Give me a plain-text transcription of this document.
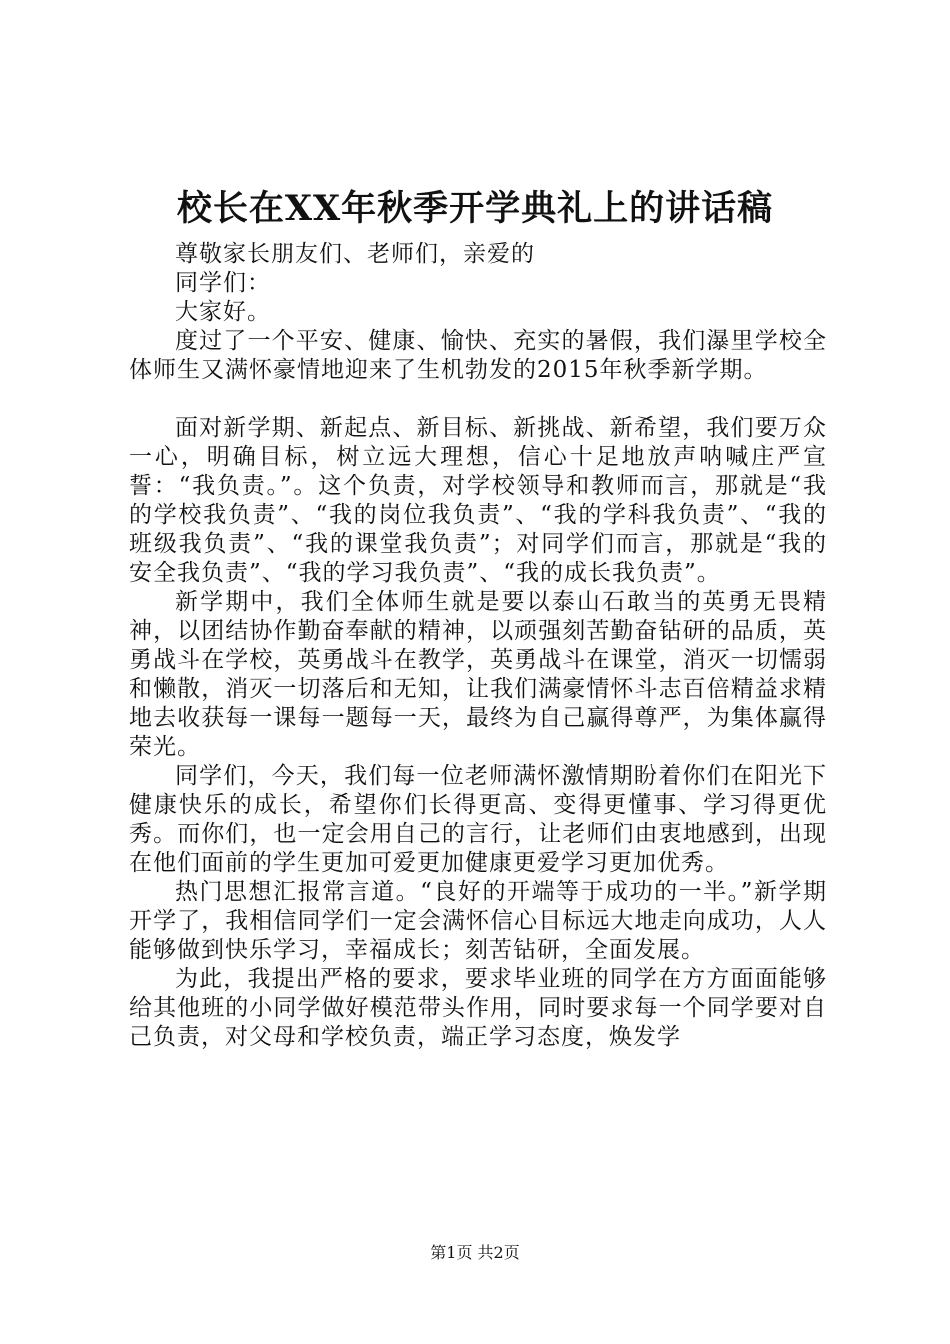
校长在XX年秋季开学典礼上的讲话稿

尊敬家长朋友们、老师们，亲爱的

同学们：

大家好。

度过了一个平安、健康、愉快、充实的暑假，我们瀑里学校全体师生又满怀豪情地迎来了生机勃发的2015年秋季新学期。

面对新学期、新起点、新目标、新挑战、新希望，我们要万众一心，明确目标，树立远大理想，信心十足地放声呐喊庄严宣誓：“我负责。”。这个负责，对学校领导和教师而言，那就是“我的学校我负责”、“我的岗位我负责”、“我的学科我负责”、“我的班级我负责”、“我的课堂我负责”；对同学们而言，那就是“我的安全我负责”、“我的学习我负责”、“我的成长我负责”。

新学期中，我们全体师生就是要以泰山石敢当的英勇无畏精神，以团结协作勤奋奉献的精神，以顽强刻苦勤奋钻研的品质，英勇战斗在学校，英勇战斗在教学，英勇战斗在课堂，消灭一切懦弱和懒散，消灭一切落后和无知，让我们满豪情怀斗志百倍精益求精地去收获每一课每一题每一天，最终为自己赢得尊严，为集体赢得荣光。

同学们，今天，我们每一位老师满怀激情期盼着你们在阳光下健康快乐的成长，希望你们长得更高、变得更懂事、学习得更优秀。而你们，也一定会用自己的言行，让老师们由衷地感到，出现在他们面前的学生更加可爱更加健康更爱学习更加优秀。

热门思想汇报常言道。“良好的开端等于成功的一半。”新学期开学了，我相信同学们一定会满怀信心目标远大地走向成功，人人能够做到快乐学习，幸福成长；刻苦钻研，全面发展。

为此，我提出严格的要求，要求毕业班的同学在方方面面能够给其他班的小同学做好模范带头作用，同时要求每一个同学要对自己负责，对父母和学校负责，端正学习态度，焕发学

第1页 共2页
